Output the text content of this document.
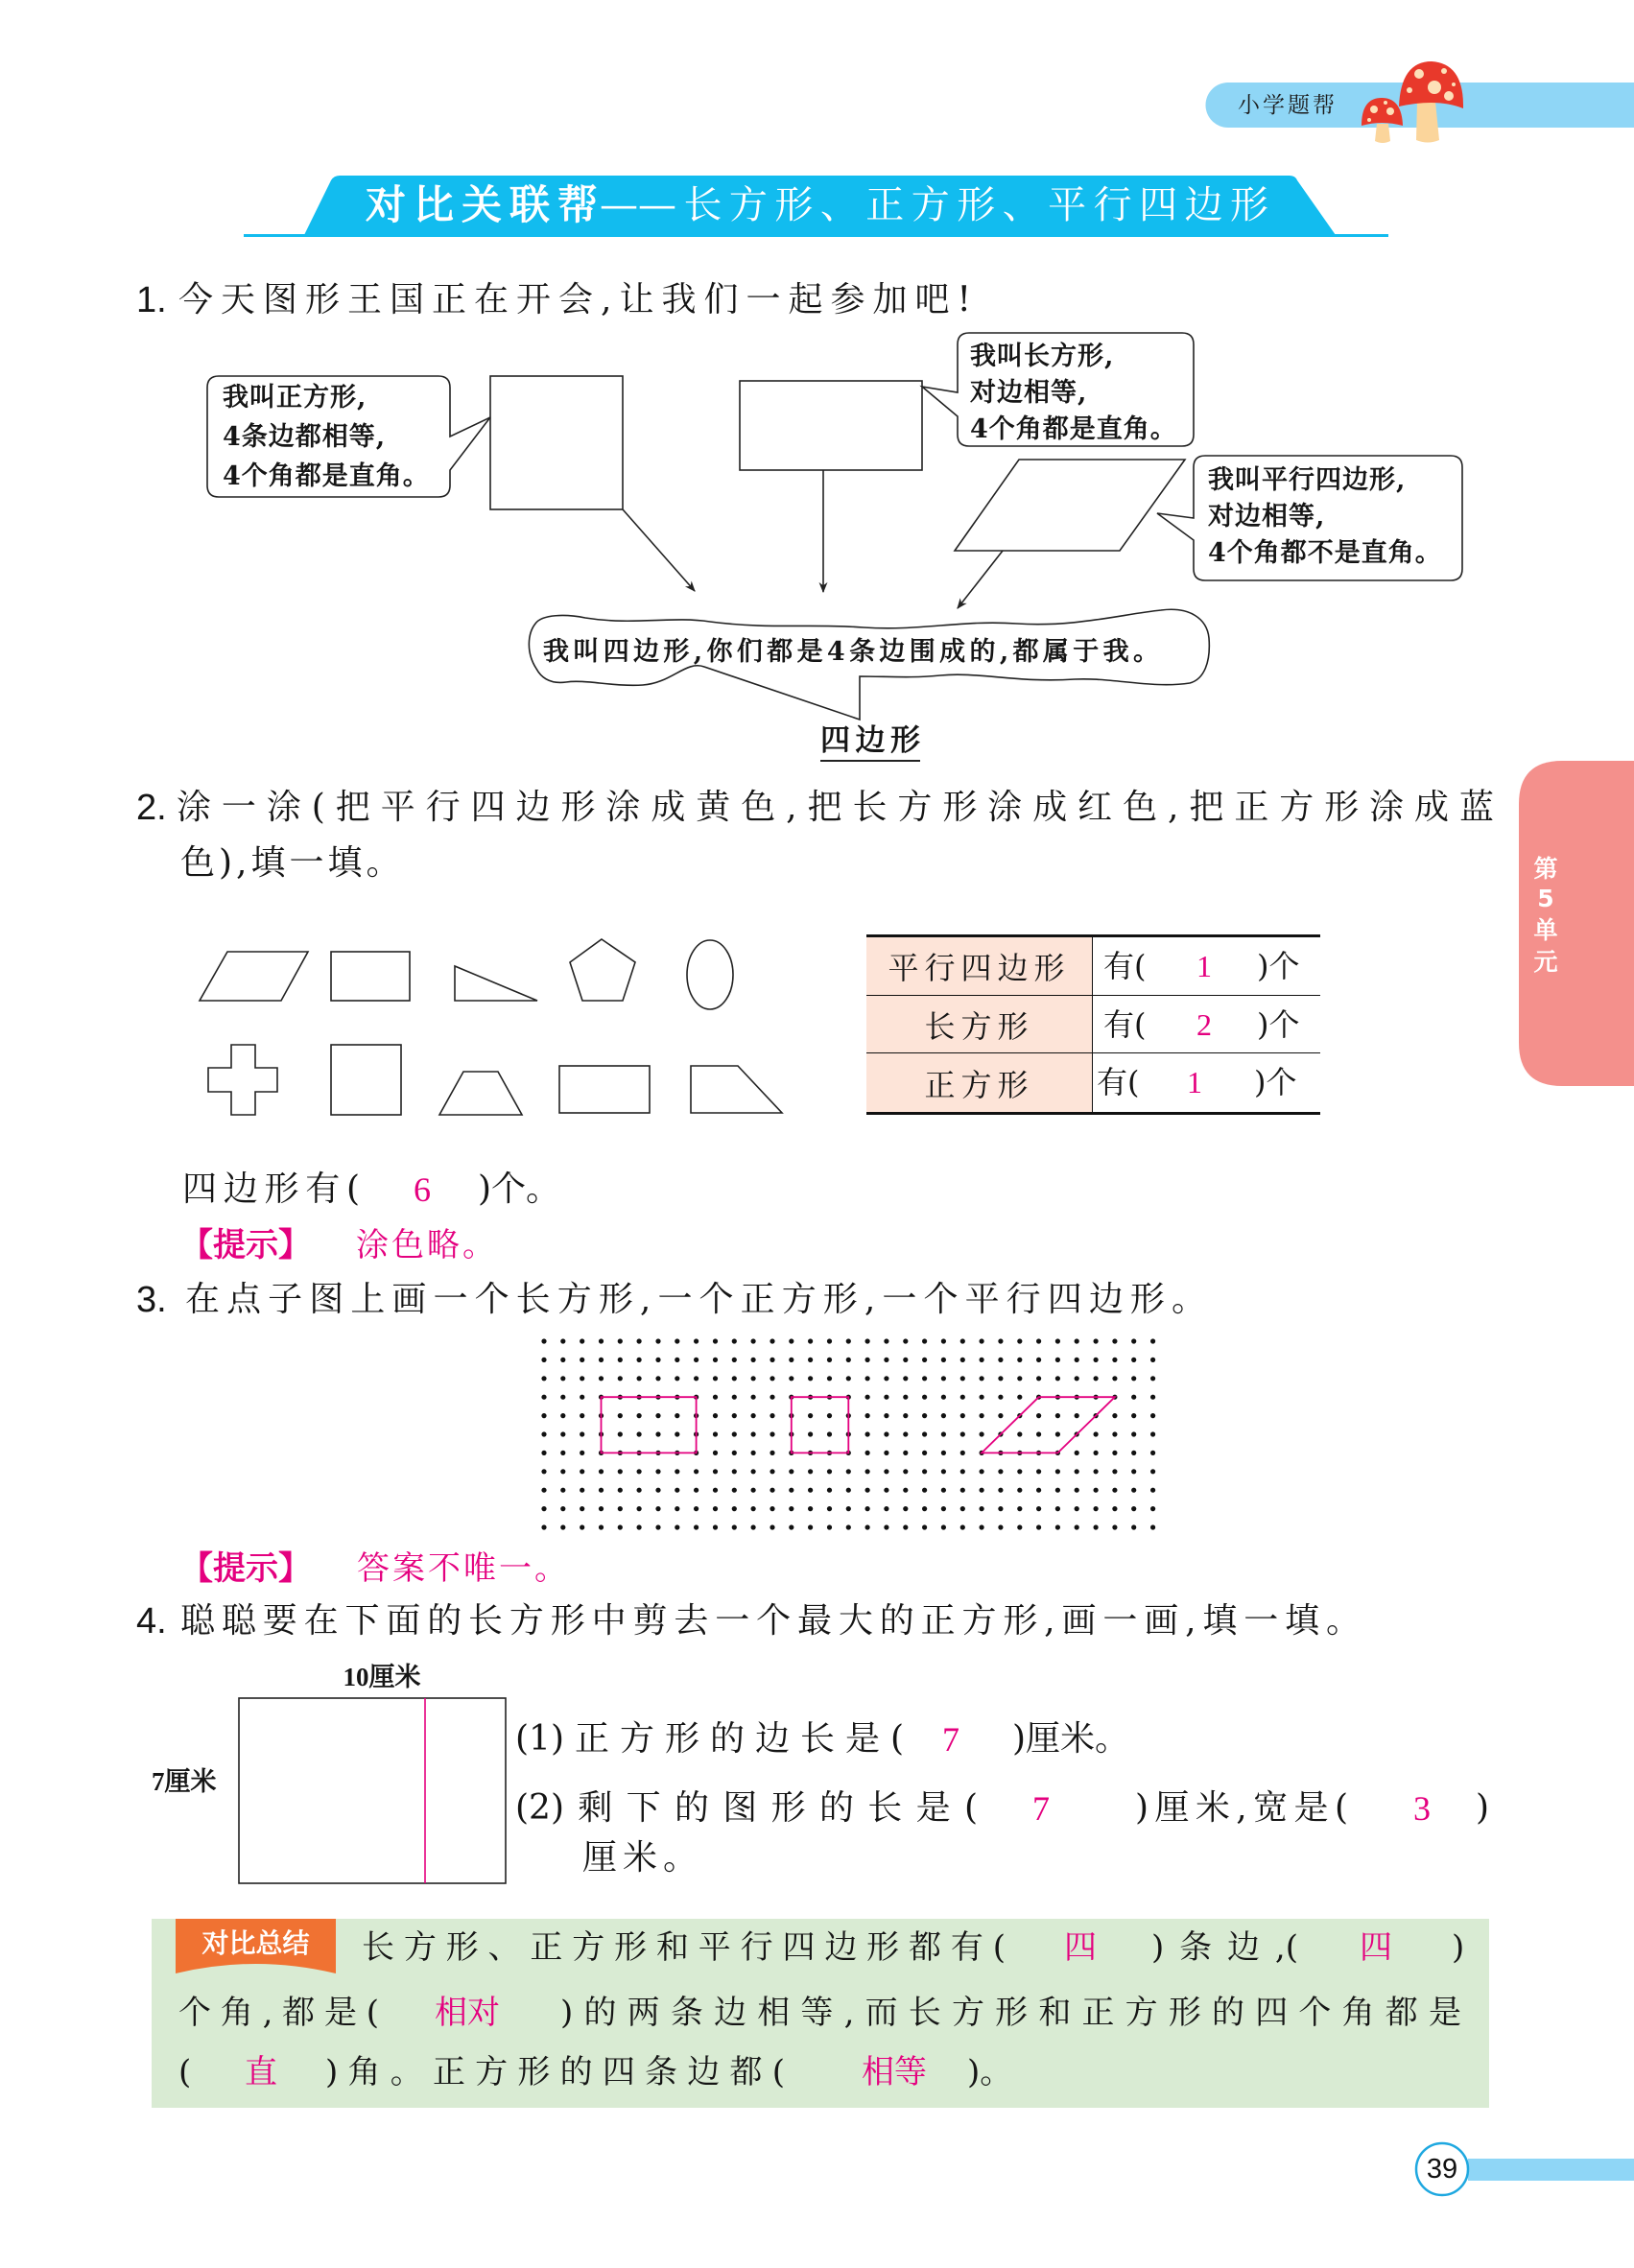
小学题帮
对比关联帮 ——长方形、正方形、平行四边形
第
5
单
元
1. 今天图形王国正在开会,让我们一起参加吧!
我叫正方形,
4条边都相等,
4个角都是直角。
我叫长方形,
对边相等,
4个角都是直角。
我叫平行四边形,
对边相等,
4个角都不是直角。
我叫四边形,你们都是4条边围成的,都属于我。
四边形
2. 涂一涂(把平行四边形涂成黄色,把长方形涂成红色,把正方形涂成蓝
色),填一填。
平行四边形	有(	1	)个
长方形	有(	2	)个
正方形	有(	1	)个
四边形有(	6	)个。
【提示】 涂色略。
3. 在点子图上画一个长方形,一个正方形,一个平行四边形。
【提示】 答案不唯一。
4. 聪聪要在下面的长方形中剪去一个最大的正方形,画一画,填一填。
10厘米
7厘米
(1)正方形的边长是(	7	)厘米。
(2)剩下的图形的长是(	7	)厘米,宽是(	3	)
厘米。
对比总结	长方形、正方形和平行四边形都有(	四	)条边,(	四	)
个角,都是(	相对	)的两条边相等,而长方形和正方形的四个角都是
(	直	)角。正方形的四条边都(	相等	)。
39
